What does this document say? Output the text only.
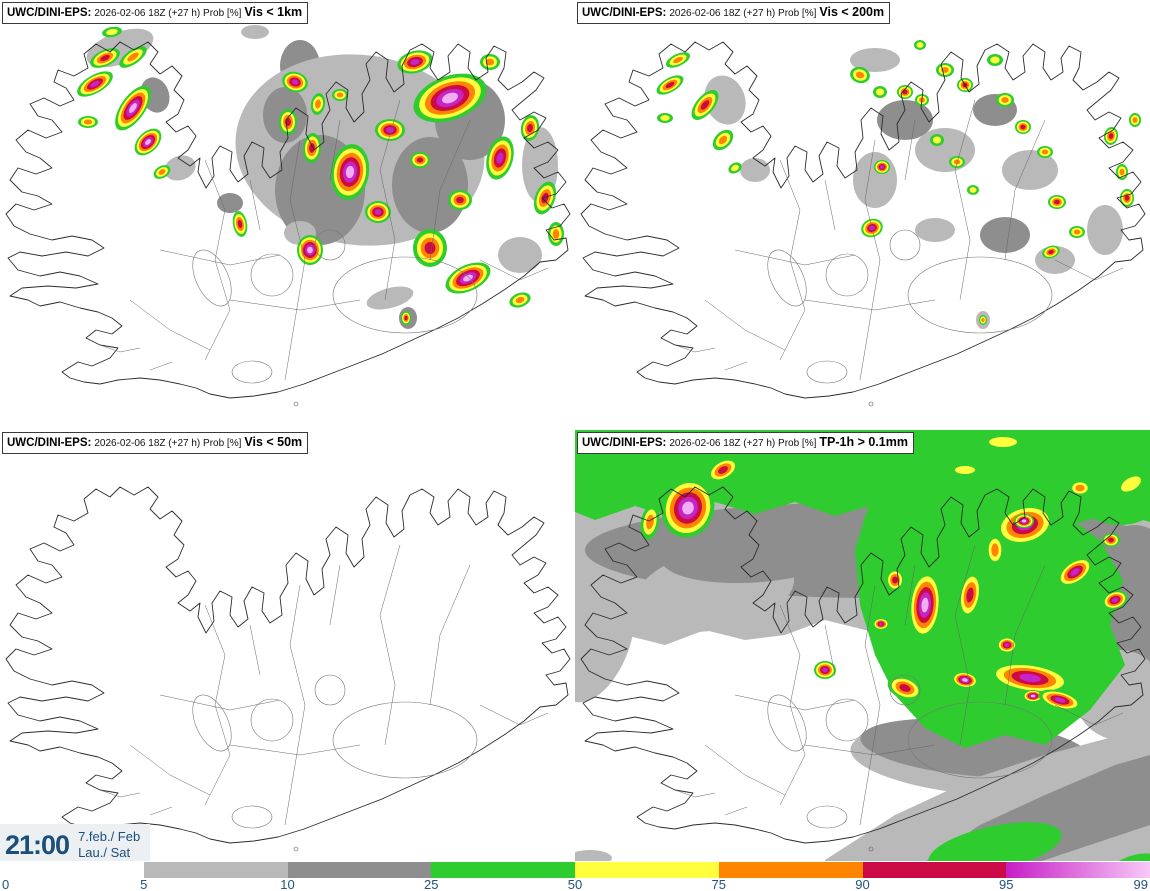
UWC/DINI-EPS: 2026-02-06 18Z (+27 h) Prob [%] Vis < 1km	UWC/DINI-EPS: 2026-02-06 18Z (+27 h) Prob [%] Vis < 200m
UWC/DINI-EPS: 2026-02-06 18Z (+27 h) Prob [%] Vis < 50m	UWC/DINI-EPS: 2026-02-06 18Z (+27 h) Prob [%] TP-1h > 0.1mm
21:00 7.feb./ Feb
Lau./ Sat
0	5	10	25	50	75	90	95	99
